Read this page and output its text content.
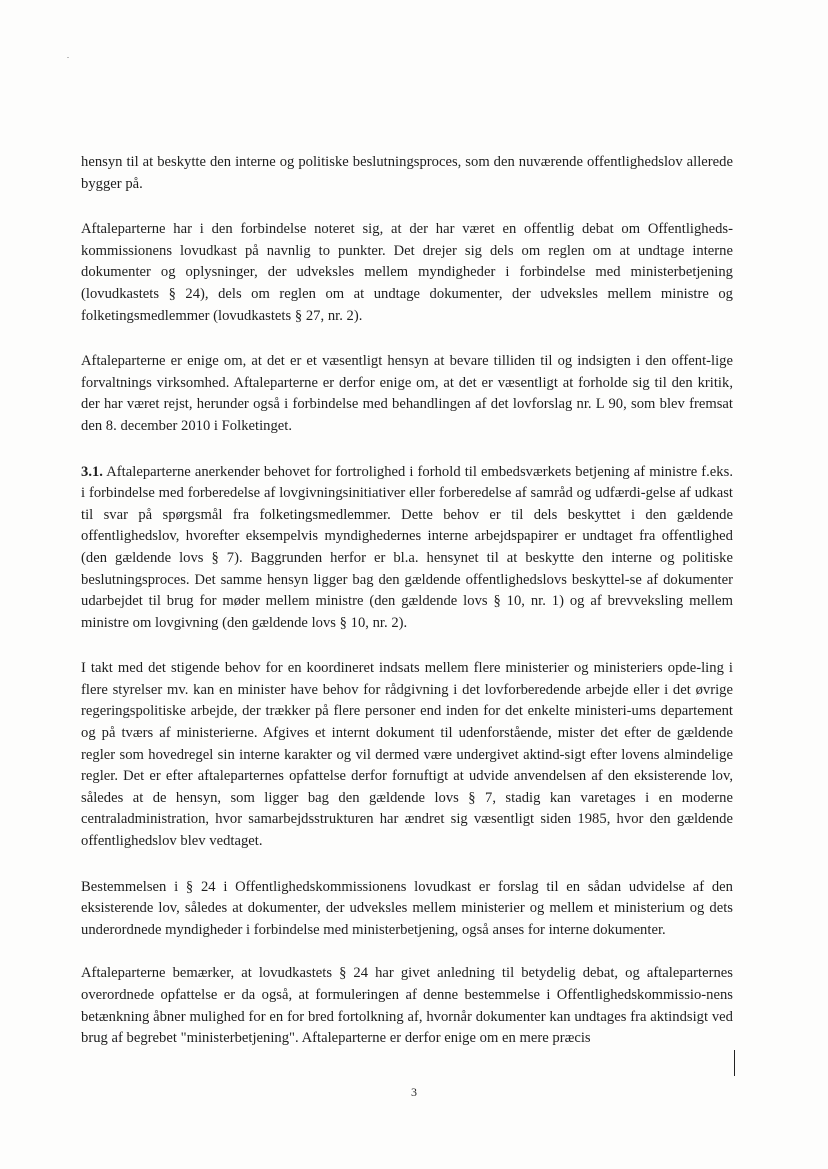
hensyn til at beskytte den interne og politiske beslutningsproces, som den nuværende offentlighedslov allerede bygger på.

Aftaleparterne har i den forbindelse noteret sig, at der har været en offentlig debat om Offentligheds-kommissionens lovudkast på navnlig to punkter. Det drejer sig dels om reglen om at undtage interne dokumenter og oplysninger, der udveksles mellem myndigheder i forbindelse med ministerbetjening (lovudkastets § 24), dels om reglen om at undtage dokumenter, der udveksles mellem ministre og folketingsmedlemmer (lovudkastets § 27, nr. 2).

Aftaleparterne er enige om, at det er et væsentligt hensyn at bevare tilliden til og indsigten i den offent-lige forvaltnings virksomhed. Aftaleparterne er derfor enige om, at det er væsentligt at forholde sig til den kritik, der har været rejst, herunder også i forbindelse med behandlingen af det lovforslag nr. L 90, som blev fremsat den 8. december 2010 i Folketinget.

3.1. Aftaleparterne anerkender behovet for fortrolighed i forhold til embedsværkets betjening af ministre f.eks. i forbindelse med forberedelse af lovgivningsinitiativer eller forberedelse af samråd og udfærdi-gelse af udkast til svar på spørgsmål fra folketingsmedlemmer. Dette behov er til dels beskyttet i den gældende offentlighedslov, hvorefter eksempelvis myndighedernes interne arbejdspapirer er undtaget fra offentlighed (den gældende lovs § 7). Baggrunden herfor er bl.a. hensynet til at beskytte den interne og politiske beslutningsproces. Det samme hensyn ligger bag den gældende offentlighedslovs beskyttel-se af dokumenter udarbejdet til brug for møder mellem ministre (den gældende lovs § 10, nr. 1) og af brevveksling mellem ministre om lovgivning (den gældende lovs § 10, nr. 2).

I takt med det stigende behov for en koordineret indsats mellem flere ministerier og ministeriers opde-ling i flere styrelser mv. kan en minister have behov for rådgivning i det lovforberedende arbejde eller i det øvrige regeringspolitiske arbejde, der trækker på flere personer end inden for det enkelte ministeri-ums departement og på tværs af ministerierne. Afgives et internt dokument til udenforstående, mister det efter de gældende regler som hovedregel sin interne karakter og vil dermed være undergivet aktind-sigt efter lovens almindelige regler. Det er efter aftaleparternes opfattelse derfor fornuftigt at udvide anvendelsen af den eksisterende lov, således at de hensyn, som ligger bag den gældende lovs § 7, stadig kan varetages i en moderne centraladministration, hvor samarbejdsstrukturen har ændret sig væsentligt siden 1985, hvor den gældende offentlighedslov blev vedtaget.

Bestemmelsen i § 24 i Offentlighedskommissionens lovudkast er forslag til en sådan udvidelse af den eksisterende lov, således at dokumenter, der udveksles mellem ministerier og mellem et ministerium og dets underordnede myndigheder i forbindelse med ministerbetjening, også anses for interne dokumenter.

Aftaleparterne bemærker, at lovudkastets § 24 har givet anledning til betydelig debat, og aftaleparternes overordnede opfattelse er da også, at formuleringen af denne bestemmelse i Offentlighedskommissio-nens betænkning åbner mulighed for en for bred fortolkning af, hvornår dokumenter kan undtages fra aktindsigt ved brug af begrebet "ministerbetjening". Aftaleparterne er derfor enige om en mere præcis

3
